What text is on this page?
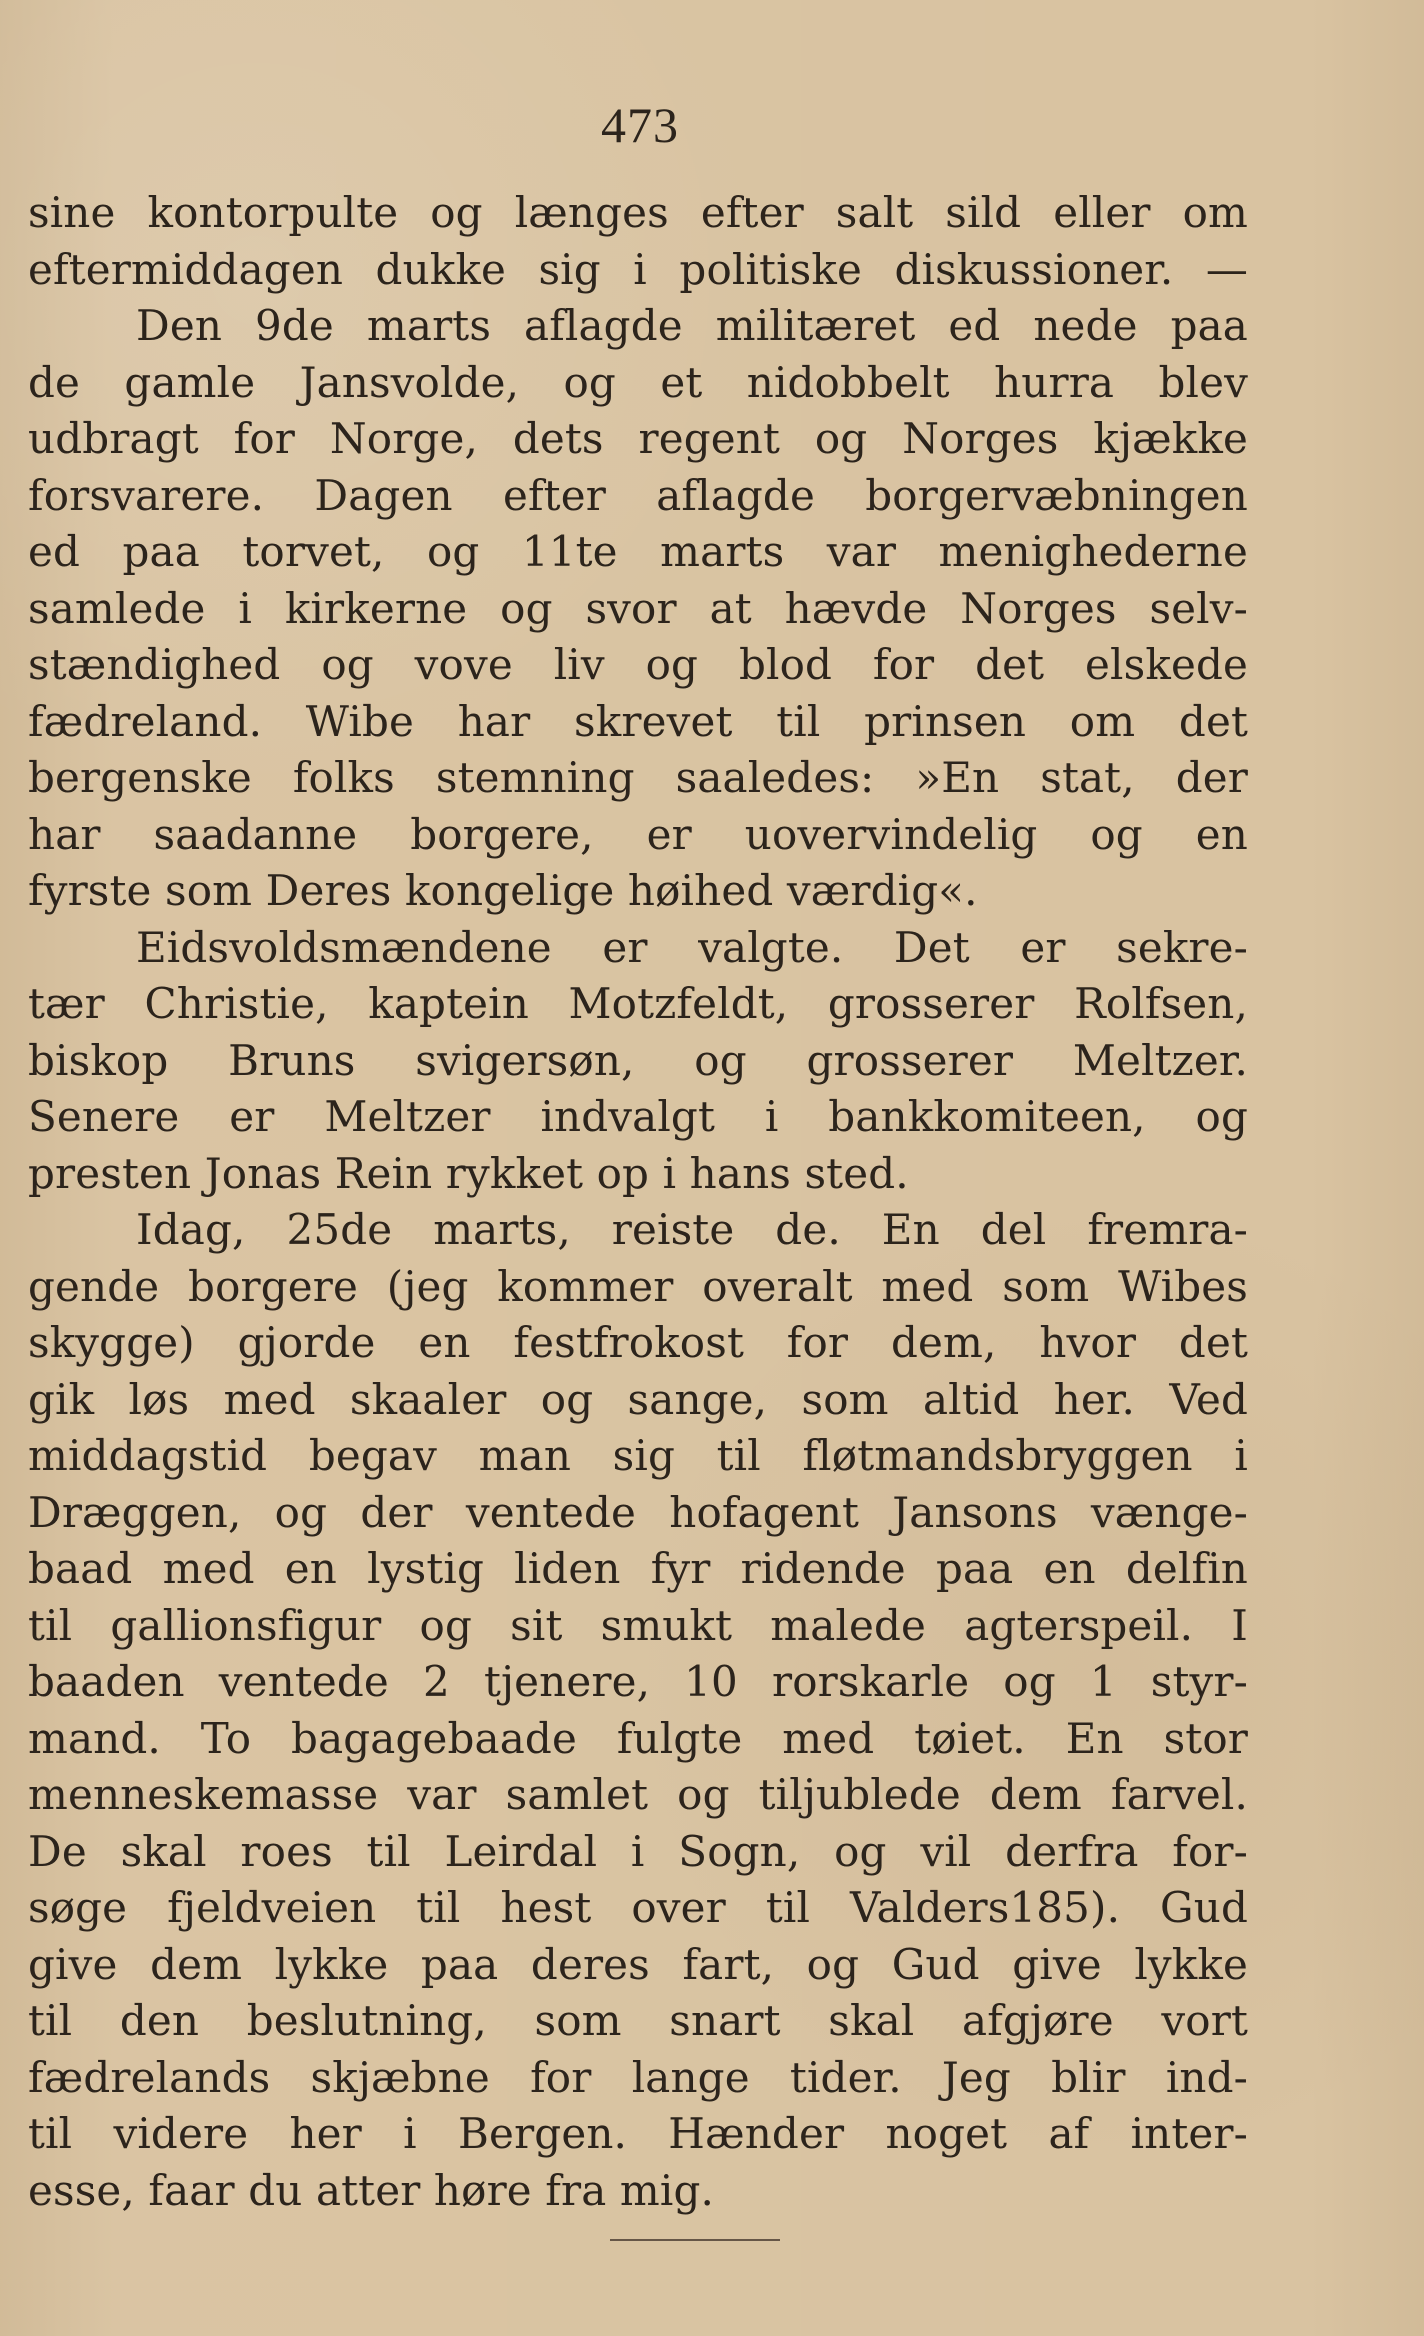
473
sine kontorpulte og længes efter salt sild eller om
eftermiddagen dukke sig i politiske diskussioner. —
Den 9de marts aflagde militæret ed nede paa
de gamle Jansvolde, og et nidobbelt hurra blev
udbragt for Norge, dets regent og Norges kjække
forsvarere. Dagen efter aflagde borgervæbningen
ed paa torvet, og 11te marts var menighederne
samlede i kirkerne og svor at hævde Norges selv-
stændighed og vove liv og blod for det elskede
fædreland. Wibe har skrevet til prinsen om det
bergenske folks stemning saaledes: »En stat, der
har saadanne borgere, er uovervindelig og en
fyrste som Deres kongelige høihed værdig«.
Eidsvoldsmændene er valgte. Det er sekre-
tær Christie, kaptein Motzfeldt, grosserer Rolfsen,
biskop Bruns svigersøn, og grosserer Meltzer.
Senere er Meltzer indvalgt i bankkomiteen, og
presten Jonas Rein rykket op i hans sted.
Idag, 25de marts, reiste de. En del fremra-
gende borgere (jeg kommer overalt med som Wibes
skygge) gjorde en festfrokost for dem, hvor det
gik løs med skaaler og sange, som altid her. Ved
middagstid begav man sig til fløtmandsbryggen i
Dræggen, og der ventede hofagent Jansons vænge-
baad med en lystig liden fyr ridende paa en delfin
til gallionsfigur og sit smukt malede agterspeil. I
baaden ventede 2 tjenere, 10 rorskarle og 1 styr-
mand. To bagagebaade fulgte med tøiet. En stor
menneskemasse var samlet og tiljublede dem farvel.
De skal roes til Leirdal i Sogn, og vil derfra for-
søge fjeldveien til hest over til Valders185). Gud
give dem lykke paa deres fart, og Gud give lykke
til den beslutning, som snart skal afgjøre vort
fædrelands skjæbne for lange tider. Jeg blir ind-
til videre her i Bergen. Hænder noget af inter-
esse, faar du atter høre fra mig.
